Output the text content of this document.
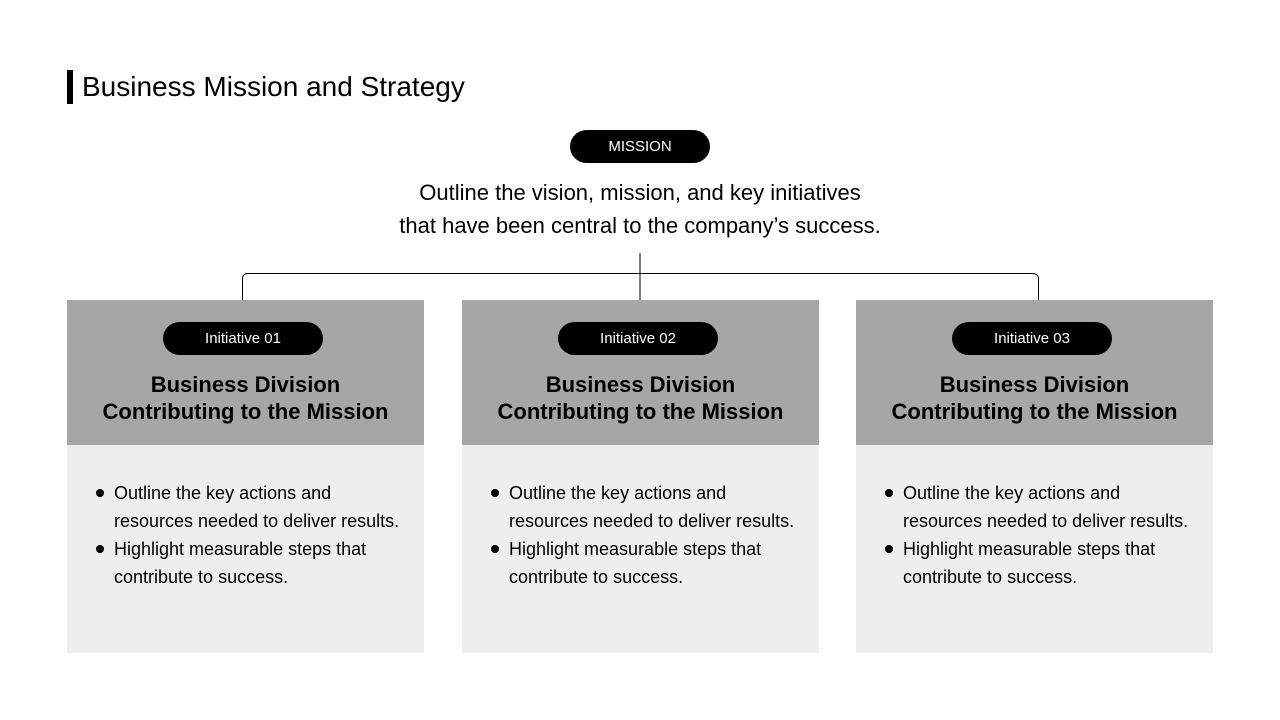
Business Mission and Strategy
MISSION

Outline the vision, mission, and key initiatives
that have been central to the company’s success.

Initiative 01
Business Division
Contributing to the Mission
Outline the key actions and resources needed to deliver results.
Highlight measurable steps that contribute to success.
Initiative 02
Business Division
Contributing to the Mission
Outline the key actions and resources needed to deliver results.
Highlight measurable steps that contribute to success.
Initiative 03
Business Division
Contributing to the Mission
Outline the key actions and resources needed to deliver results.
Highlight measurable steps that contribute to success.
